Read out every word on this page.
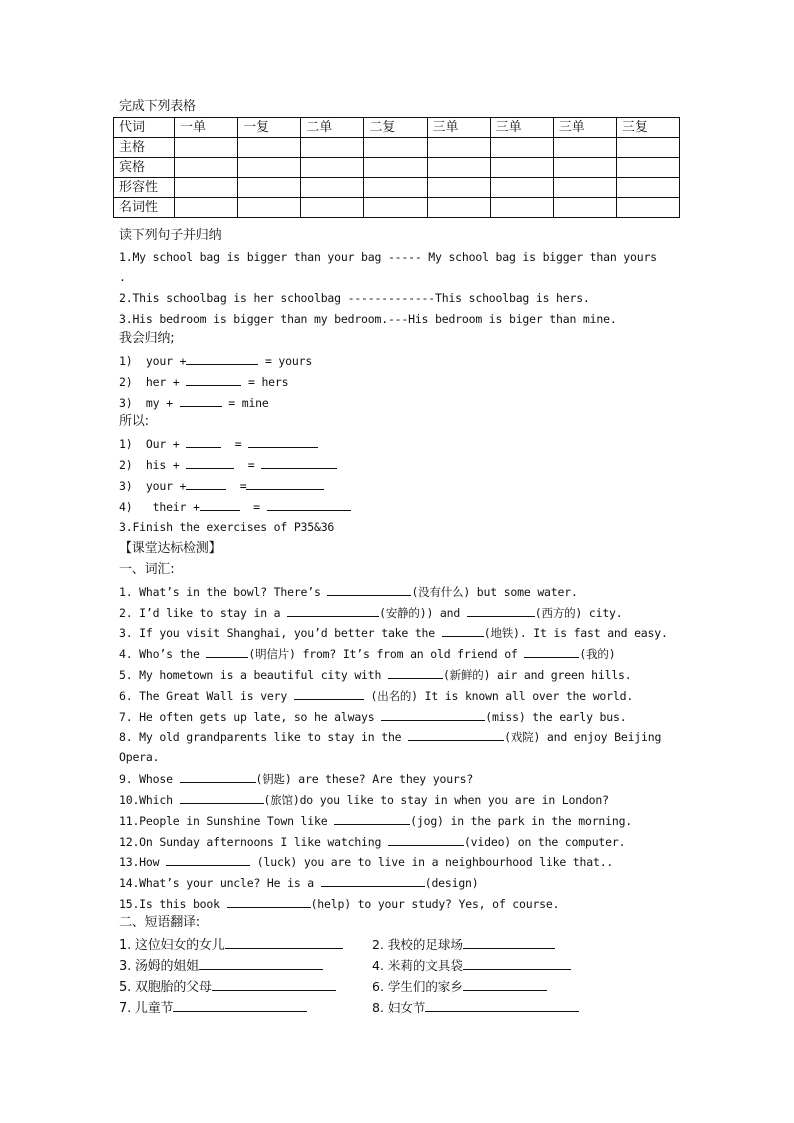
完成下列表格
代词	一单	一复	二单	二复	三单	三单	三单	三复
主格								
宾格								
形容性								
名词性								
读下列句子并归纳
1.My school bag is bigger than your bag ----- My school bag is bigger than yours
.
2.This schoolbag is her schoolbag -------------This schoolbag is hers.
3.His bedroom is bigger than my bedroom.---His bedroom is biger than mine.
我会归纳;
1) your +	= yours
2) her +	= hers
3) my +	= mine
所以:
1) Our +	=
2) his +	=
3) your +	=
4) their +	=
3.Finish the exercises of P35&36
【课堂达标检测】
一、词汇:
1. What’s in the bowl? There’s	(没有什么) but some water.
2. I’d like to stay in a	(安静的)) and	(西方的) city.
3. If you visit Shanghai, you’d better take the	(地铁). It is fast and easy.
4. Who’s the	(明信片) from? It’s from an old friend of	(我的)
5. My hometown is a beautiful city with	(新鲜的) air and green hills.
6. The Great Wall is very	(出名的) It is known all over the world.
7. He often gets up late, so he always	(miss) the early bus.
8. My old grandparents like to stay in the	(戏院) and enjoy Beijing
Opera.
9. Whose	(钥匙) are these? Are they yours?
10.Which	(旅馆)do you like to stay in when you are in London?
11.People in Sunshine Town like	(jog) in the park in the morning.
12.On Sunday afternoons I like watching	(video) on the computer.
13.How	(luck) you are to live in a neighbourhood like that..
14.What’s your uncle? He is a	(design)
15.Is this book	(help) to your study? Yes, of course.
二、短语翻译:
1. 这位妇女的女儿	2. 我校的足球场
3. 汤姆的姐姐	4. 米莉的文具袋
5. 双胞胎的父母	6. 学生们的家乡
7. 儿童节	8. 妇女节
